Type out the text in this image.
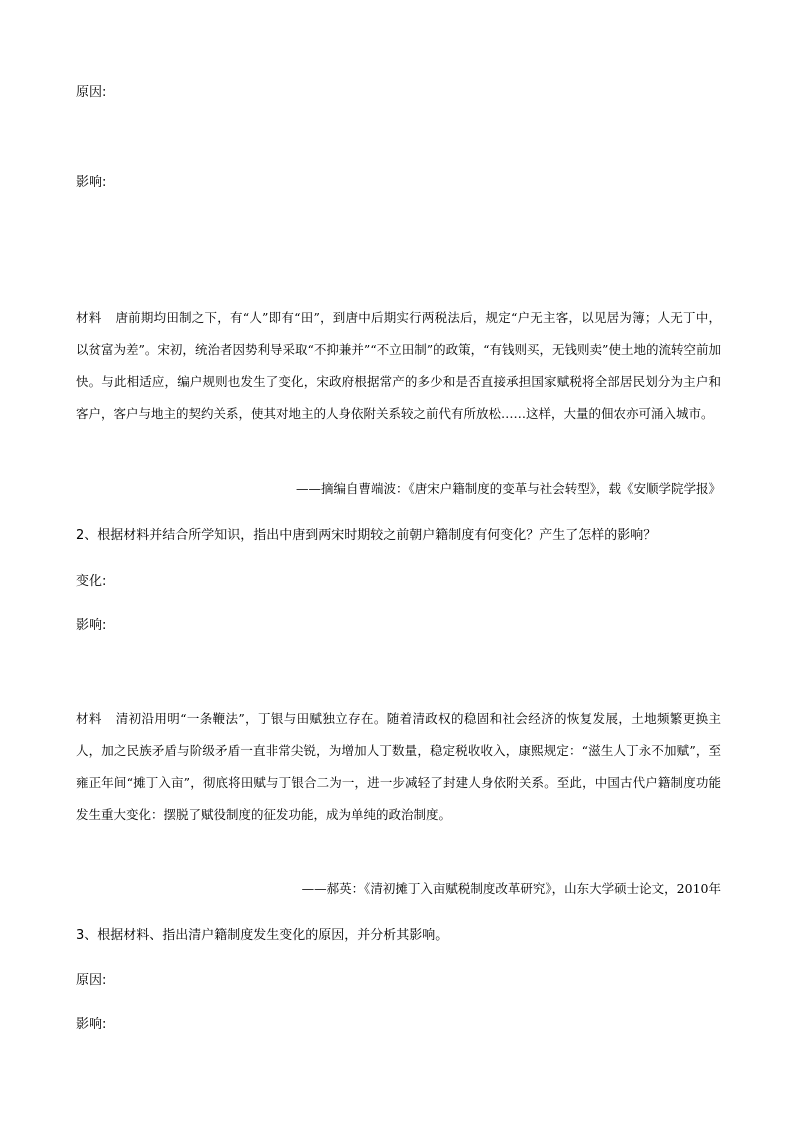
原因:
影响:

材料 唐前期均田制之下，有“人”即有“田”，到唐中后期实行两税法后，规定“户无主客，以见居为簿；人无丁中，以贫富为差”。宋初，统治者因势利导采取“不抑兼并”“不立田制”的政策，“有钱则买，无钱则卖”使土地的流转空前加快。与此相适应，编户规则也发生了变化，宋政府根据常产的多少和是否直接承担国家赋税将全部居民划分为主户和客户，客户与地主的契约关系，使其对地主的人身依附关系较之前代有所放松……这样，大量的佃农亦可涌入城市。

——摘编自曹端波：《唐宋户籍制度的变革与社会转型》，载《安顺学院学报》
2、根据材料并结合所学知识，指出中唐到两宋时期较之前朝户籍制度有何变化？产生了怎样的影响？
变化:
影响:

材料 清初沿用明“一条鞭法”，丁银与田赋独立存在。随着清政权的稳固和社会经济的恢复发展，土地频繁更换主人，加之民族矛盾与阶级矛盾一直非常尖锐，为增加人丁数量，稳定税收收入，康熙规定：“滋生人丁永不加赋”，至雍正年间“摊丁入亩”，彻底将田赋与丁银合二为一，进一步减轻了封建人身依附关系。至此，中国古代户籍制度功能发生重大变化：摆脱了赋役制度的征发功能，成为单纯的政治制度。

——郝英：《清初摊丁入亩赋税制度改革研究》，山东大学硕士论文，2010年
3、根据材料、指出清户籍制度发生变化的原因，并分析其影响。
原因:
影响:
